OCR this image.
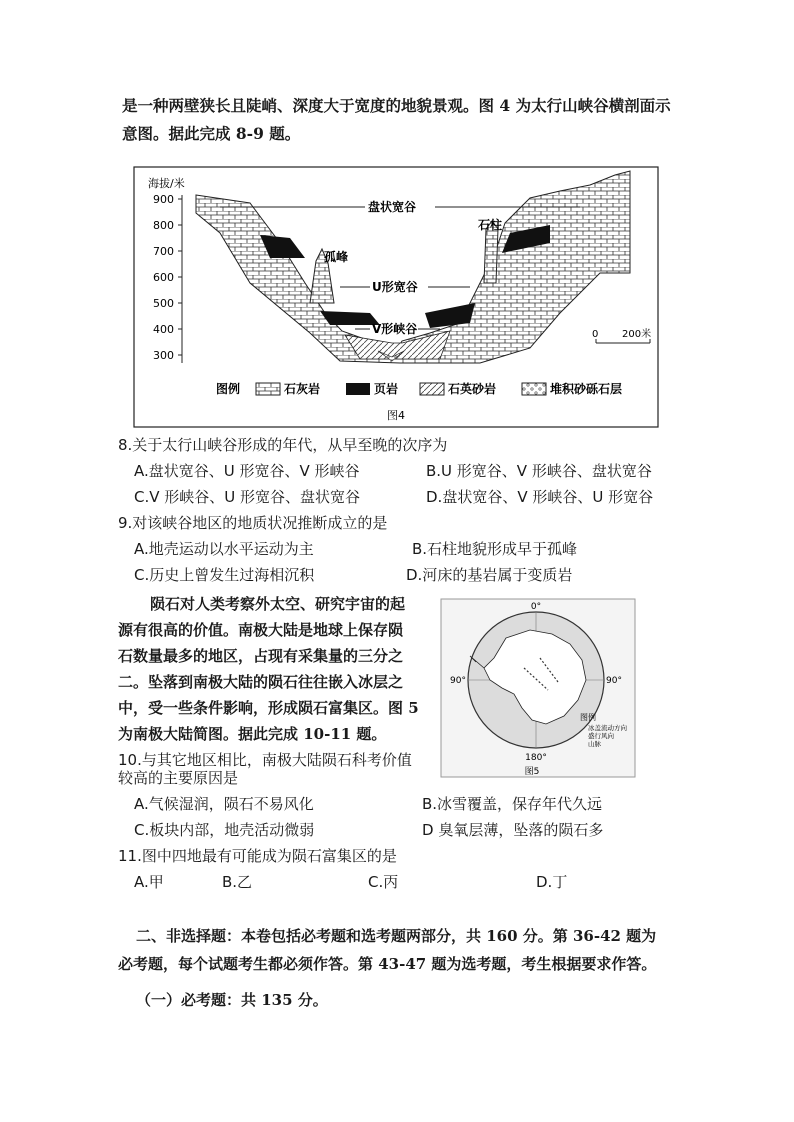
是一种两壁狭长且陡峭、深度大于宽度的地貌景观。图 4 为太行山峡谷横剖面示
意图。据此完成 8-9 题。
海拔/米
900
800
700
600
500
400
300
盘状宽谷
U形宽谷
V形峡谷
石柱
孤峰
0 200米
图例	石灰岩	页岩	石英砂岩	堆积砂砾石层
图4
8.关于太行山峡谷形成的年代，从早至晚的次序为
A.盘状宽谷、U 形宽谷、V 形峡谷	B.U 形宽谷、V 形峡谷、盘状宽谷
C.V 形峡谷、U 形宽谷、盘状宽谷	D.盘状宽谷、V 形峡谷、U 形宽谷
9.对该峡谷地区的地质状况推断成立的是
A.地壳运动以水平运动为主	B.石柱地貌形成早于孤峰
C.历史上曾发生过海相沉积	D.河床的基岩属于变质岩
陨石对人类考察外太空、研究宇宙的起
源有很高的价值。南极大陆是地球上保存陨
石数量最多的地区，占现有采集量的三分之
二。坠落到南极大陆的陨石往往嵌入冰层之
中，受一些条件影响，形成陨石富集区。图 5
为南极大陆简图。据此完成 10-11 题。
0°
90°	90°
180°
图例
冰盖流动方向
盛行风向
山脉
图5
10.与其它地区相比，南极大陆陨石科考价值
较高的主要原因是
A.气候湿润，陨石不易风化	B.冰雪覆盖，保存年代久远
C.板块内部，地壳活动微弱	D 臭氧层薄，坠落的陨石多
11.图中四地最有可能成为陨石富集区的是
A.甲	B.乙	C.丙	D.丁
二、非选择题：本卷包括必考题和选考题两部分，共 160 分。第 36-42 题为
必考题，每个试题考生都必须作答。第 43-47 题为选考题，考生根据要求作答。
（一）必考题：共 135 分。
